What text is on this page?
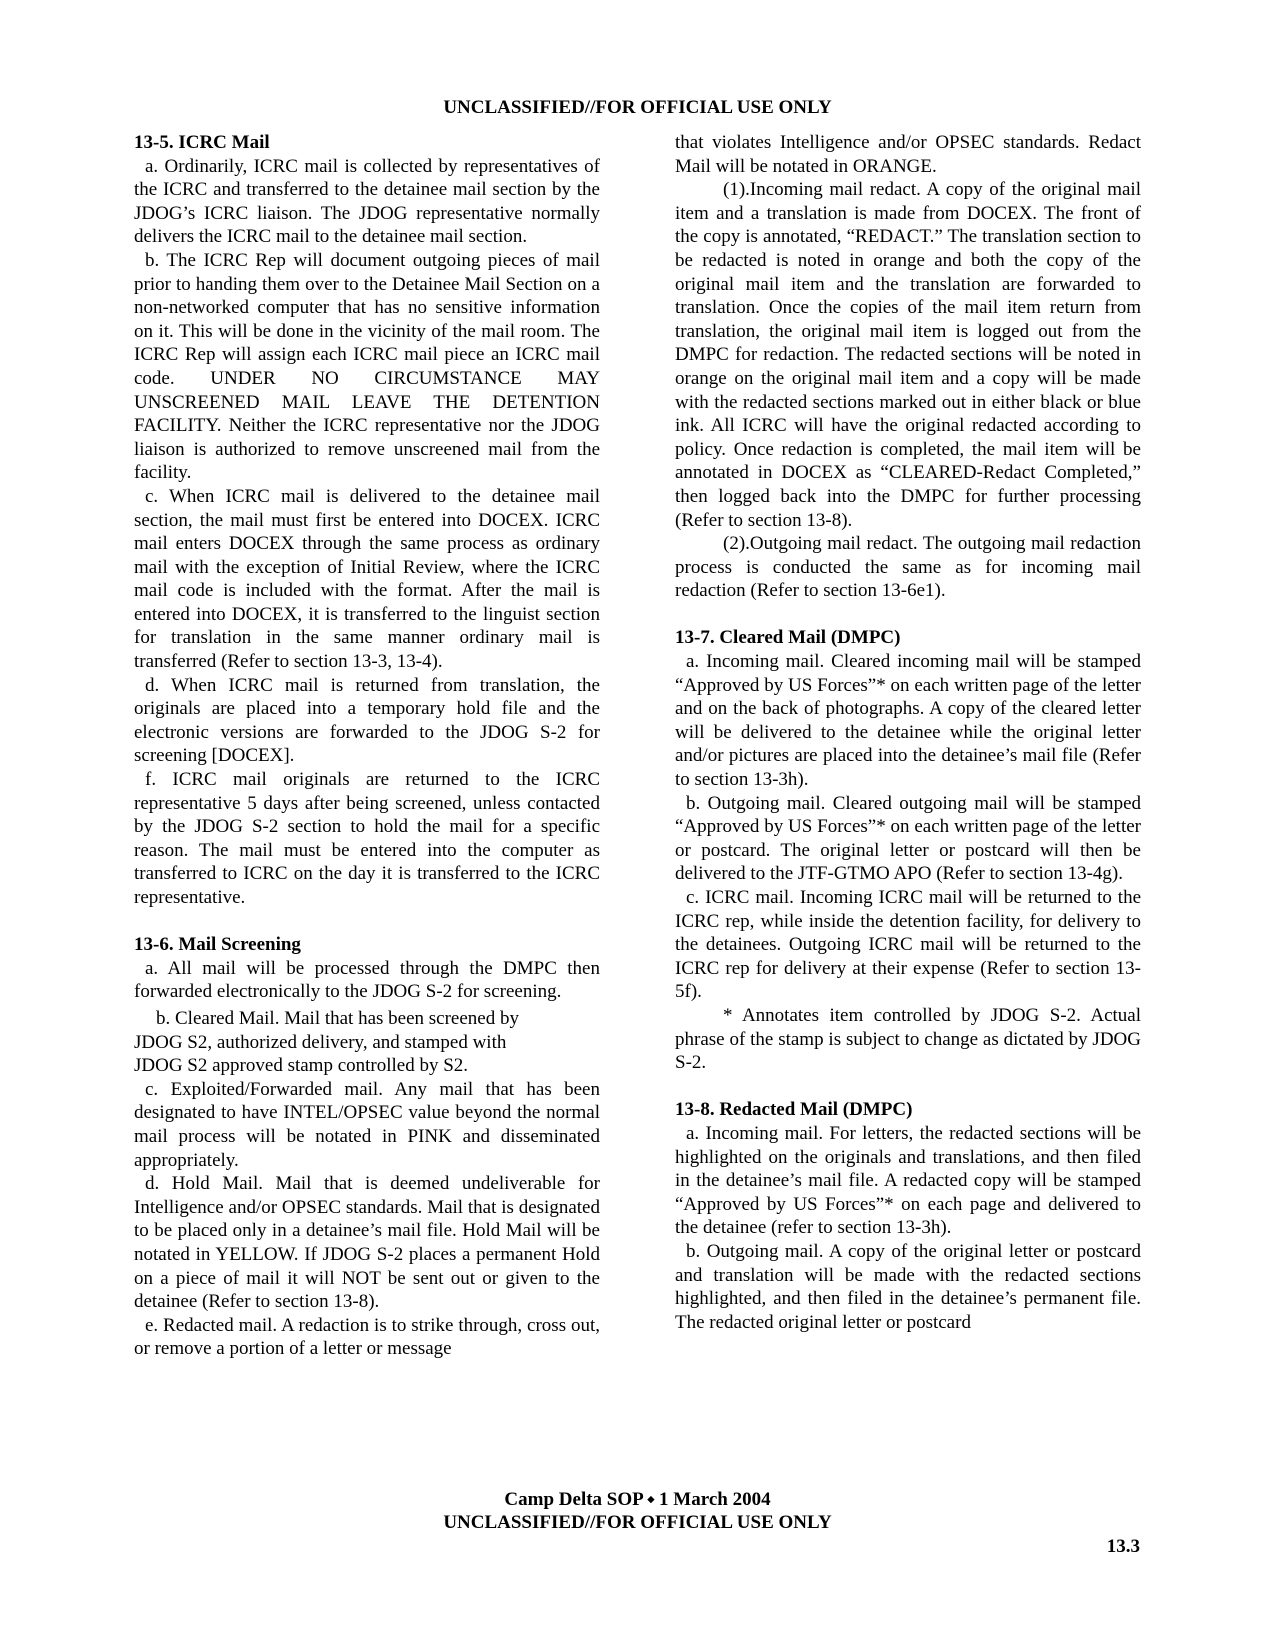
UNCLASSIFIED//FOR OFFICIAL USE ONLY
13-5. ICRC Mail

a. Ordinarily, ICRC mail is collected by representatives of the ICRC and transferred to the detainee mail section by the JDOG’s ICRC liaison. The JDOG representative normally delivers the ICRC mail to the detainee mail section.

b. The ICRC Rep will document outgoing pieces of mail prior to handing them over to the Detainee Mail Section on a non-networked computer that has no sensitive information on it. This will be done in the vicinity of the mail room. The ICRC Rep will assign each ICRC mail piece an ICRC mail code. UNDER NO CIRCUMSTANCE MAY UNSCREENED MAIL LEAVE THE DETENTION FACILITY. Neither the ICRC representative nor the JDOG liaison is authorized to remove unscreened mail from the facility.

c. When ICRC mail is delivered to the detainee mail section, the mail must first be entered into DOCEX. ICRC mail enters DOCEX through the same process as ordinary mail with the exception of Initial Review, where the ICRC mail code is included with the format. After the mail is entered into DOCEX, it is transferred to the linguist section for translation in the same manner ordinary mail is transferred (Refer to section 13-3, 13-4).

d. When ICRC mail is returned from translation, the originals are placed into a temporary hold file and the electronic versions are forwarded to the JDOG S-2 for screening [DOCEX].

f. ICRC mail originals are returned to the ICRC representative 5 days after being screened, unless contacted by the JDOG S-2 section to hold the mail for a specific reason. The mail must be entered into the computer as transferred to ICRC on the day it is transferred to the ICRC representative.

13-6. Mail Screening

a. All mail will be processed through the DMPC then forwarded electronically to the JDOG S-2 for screening.

b. Cleared Mail. Mail that has been screened by

JDOG S2, authorized delivery, and stamped with

JDOG S2 approved stamp controlled by S2.

c. Exploited/Forwarded mail. Any mail that has been designated to have INTEL/OPSEC value beyond the normal mail process will be notated in PINK and disseminated appropriately.

d. Hold Mail. Mail that is deemed undeliverable for Intelligence and/or OPSEC standards. Mail that is designated to be placed only in a detainee’s mail file. Hold Mail will be notated in YELLOW. If JDOG S-2 places a permanent Hold on a piece of mail it will NOT be sent out or given to the detainee (Refer to section 13-8).

e. Redacted mail. A redaction is to strike through, cross out, or remove a portion of a letter or message

that violates Intelligence and/or OPSEC standards. Redact Mail will be notated in ORANGE.

(1).Incoming mail redact. A copy of the original mail item and a translation is made from DOCEX. The front of the copy is annotated, “REDACT.” The translation section to be redacted is noted in orange and both the copy of the original mail item and the translation are forwarded to translation. Once the copies of the mail item return from translation, the original mail item is logged out from the DMPC for redaction. The redacted sections will be noted in orange on the original mail item and a copy will be made with the redacted sections marked out in either black or blue ink. All ICRC will have the original redacted according to policy. Once redaction is completed, the mail item will be annotated in DOCEX as “CLEARED-Redact Completed,” then logged back into the DMPC for further processing (Refer to section 13-8).

(2).Outgoing mail redact. The outgoing mail redaction process is conducted the same as for incoming mail redaction (Refer to section 13-6e1).

13-7. Cleared Mail (DMPC)

a. Incoming mail. Cleared incoming mail will be stamped “Approved by US Forces”* on each written page of the letter and on the back of photographs. A copy of the cleared letter will be delivered to the detainee while the original letter and/or pictures are placed into the detainee’s mail file (Refer to section 13-3h).

b. Outgoing mail. Cleared outgoing mail will be stamped “Approved by US Forces”* on each written page of the letter or postcard. The original letter or postcard will then be delivered to the JTF-GTMO APO (Refer to section 13-4g).

c. ICRC mail. Incoming ICRC mail will be returned to the ICRC rep, while inside the detention facility, for delivery to the detainees. Outgoing ICRC mail will be returned to the ICRC rep for delivery at their expense (Refer to section 13-5f).

* Annotates item controlled by JDOG S-2. Actual phrase of the stamp is subject to change as dictated by JDOG S-2.

13-8. Redacted Mail (DMPC)

a. Incoming mail. For letters, the redacted sections will be highlighted on the originals and translations, and then filed in the detainee’s mail file. A redacted copy will be stamped “Approved by US Forces”* on each page and delivered to the detainee (refer to section 13-3h).

b. Outgoing mail. A copy of the original letter or postcard and translation will be made with the redacted sections highlighted, and then filed in the detainee’s permanent file. The redacted original letter or postcard

Camp Delta SOP ⬩ 1 March 2004
UNCLASSIFIED//FOR OFFICIAL USE ONLY
13.3
